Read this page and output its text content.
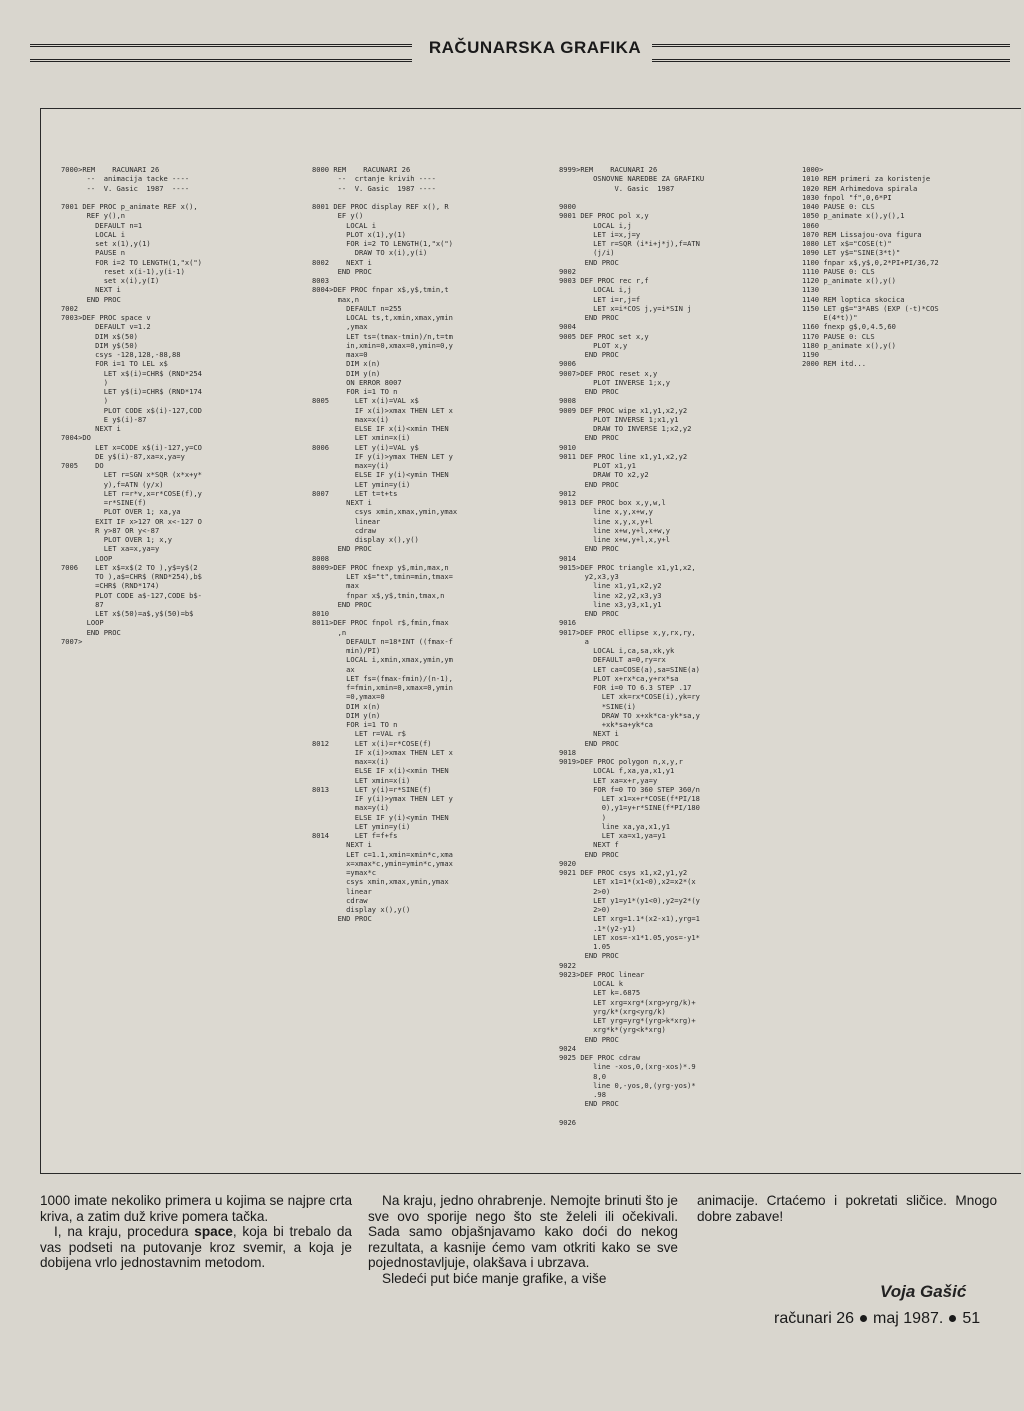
RAČUNARSKA GRAFIKA
7000>REM    RACUNARI 26
--  animacija tacke ----
--  V. Gasic  1987  ----
7001 DEF PROC p_animate REF x(),
REF y(),n
DEFAULT n=1
LOCAL i
set x(1),y(1)
PAUSE n
FOR i=2 TO LENGTH(1,"x(")
reset x(i-1),y(i-1)
set x(i),y(I)
NEXT i
END PROC
7002
7003>DEF PROC space v
DEFAULT v=1.2
DIM x$(50)
DIM y$(50)
csys -128,128,-88,88
FOR i=1 TO LEL x$
LET x$(i)=CHR$ (RND*254
)
LET y$(i)=CHR$ (RND*174
)
PLOT CODE x$(i)-127,COD
E y$(i)-87
NEXT i
7004>DO
LET x=CODE x$(i)-127,y=CO
DE y$(i)-87,xa=x,ya=y
7005    DO
LET r=SGN x*SQR (x*x+y*
y),f=ATN (y/x)
LET r=r*v,x=r*COSE(f),y
=r*SINE(f)
PLOT OVER 1; xa,ya
EXIT IF x>127 OR x<-127 O
R y>87 OR y<-87
PLOT OVER 1; x,y
LET xa=x,ya=y
LOOP
7006    LET x$=x$(2 TO ),y$=y$(2
TO ),a$=CHR$ (RND*254),b$
=CHR$ (RND*174)
PLOT CODE a$-127,CODE b$-
87
LET x$(50)=a$,y$(50)=b$
LOOP
END PROC
7007>
8000 REM    RACUNARI 26
--  crtanje krivih ----
--  V. Gasic  1987 ----
8001 DEF PROC display REF x(), R
EF y()
LOCAL i
PLOT x(1),y(1)
FOR i=2 TO LENGTH(1,"x(")
DRAW TO x(i),y(i)
8002    NEXT i
END PROC
8003
8004>DEF PROC fnpar x$,y$,tmin,t
max,n
DEFAULT n=255
LOCAL ts,t,xmin,xmax,ymin
,ymax
LET ts=(tmax-tmin)/n,t=tm
in,xmin=0,xmax=0,ymin=0,y
max=0
DIM x(n)
DIM y(n)
ON ERROR 8007
FOR i=1 TO n
8005      LET x(i)=VAL x$
IF x(i)>xmax THEN LET x
max=x(i)
ELSE IF x(i)<xmin THEN
LET xmin=x(i)
8006      LET y(i)=VAL y$
IF y(i)>ymax THEN LET y
max=y(i)
ELSE IF y(i)<ymin THEN
LET ymin=y(i)
8007      LET t=t+ts
NEXT i
csys xmin,xmax,ymin,ymax
linear
cdraw
display x(),y()
END PROC
8008
8009>DEF PROC fnexp y$,min,max,n
LET x$="t",tmin=min,tmax=
max
fnpar x$,y$,tmin,tmax,n
END PROC
8010
8011>DEF PROC fnpol r$,fmin,fmax
,n
DEFAULT n=18*INT ((fmax-f
min)/PI)
LOCAL i,xmin,xmax,ymin,ym
ax
LET fs=(fmax-fmin)/(n-1),
f=fmin,xmin=0,xmax=0,ymin
=0,ymax=0
DIM x(n)
DIM y(n)
FOR i=1 TO n
LET r=VAL r$
8012      LET x(i)=r*COSE(f)
IF x(i)>xmax THEN LET x
max=x(i)
ELSE IF x(i)<xmin THEN
LET xmin=x(i)
8013      LET y(i)=r*SINE(f)
IF y(i)>ymax THEN LET y
max=y(i)
ELSE IF y(i)<ymin THEN
LET ymin=y(i)
8014      LET f=f+fs
NEXT i
LET c=1.1,xmin=xmin*c,xma
x=xmax*c,ymin=ymin*c,ymax
=ymax*c
csys xmin,xmax,ymin,ymax
linear
cdraw
display x(),y()
END PROC
8999>REM    RACUNARI 26
OSNOVNE NAREDBE ZA GRAFIKU
V. Gasic  1987
9000
9001 DEF PROC pol x,y
LOCAL i,j
LET i=x,j=y
LET r=SQR (i*i+j*j),f=ATN
(j/i)
END PROC
9002
9003 DEF PROC rec r,f
LOCAL i,j
LET i=r,j=f
LET x=i*COS j,y=i*SIN j
END PROC
9004
9005 DEF PROC set x,y
PLOT x,y
END PROC
9006
9007>DEF PROC reset x,y
PLOT INVERSE 1;x,y
END PROC
9008
9009 DEF PROC wipe x1,y1,x2,y2
PLOT INVERSE 1;x1,y1
DRAW TO INVERSE 1;x2,y2
END PROC
9010
9011 DEF PROC line x1,y1,x2,y2
PLOT x1,y1
DRAW TO x2,y2
END PROC
9012
9013 DEF PROC box x,y,w,l
line x,y,x+w,y
line x,y,x,y+l
line x+w,y+l,x+w,y
line x+w,y+l,x,y+l
END PROC
9014
9015>DEF PROC triangle x1,y1,x2,
y2,x3,y3
line x1,y1,x2,y2
line x2,y2,x3,y3
line x3,y3,x1,y1
END PROC
9016
9017>DEF PROC ellipse x,y,rx,ry,
a
LOCAL i,ca,sa,xk,yk
DEFAULT a=0,ry=rx
LET ca=COSE(a),sa=SINE(a)
PLOT x+rx*ca,y+rx*sa
FOR i=0 TO 6.3 STEP .17
LET xk=rx*COSE(i),yk=ry
*SINE(i)
DRAW TO x+xk*ca-yk*sa,y
+xk*sa+yk*ca
NEXT i
END PROC
9018
9019>DEF PROC polygon n,x,y,r
LOCAL f,xa,ya,x1,y1
LET xa=x+r,ya=y
FOR f=0 TO 360 STEP 360/n
LET x1=x+r*COSE(f*PI/18
0),y1=y+r*SINE(f*PI/180
)
line xa,ya,x1,y1
LET xa=x1,ya=y1
NEXT f
END PROC
9020
9021 DEF PROC csys x1,x2,y1,y2
LET x1=1*(x1<0),x2=x2*(x
2>0)
LET y1=y1*(y1<0),y2=y2*(y
2>0)
LET xrg=1.1*(x2-x1),yrg=1
.1*(y2-y1)
LET xos=-x1*1.05,yos=-y1*
1.05
END PROC
9022
9023>DEF PROC linear
LOCAL k
LET k=.6875
LET xrg=xrg*(xrg>yrg/k)+
yrg/k*(xrg<yrg/k)
LET yrg=yrg*(yrg>k*xrg)+
xrg*k*(yrg<k*xrg)
END PROC
9024
9025 DEF PROC cdraw
line -xos,0,(xrg-xos)*.9
8,0
line 0,-yos,0,(yrg-yos)*
.98
END PROC
9026
1000>
1010 REM primeri za koristenje
1020 REM Arhimedova spirala
1030 fnpol "f",0,6*PI
1040 PAUSE 0: CLS
1050 p_animate x(),y(),1
1060
1070 REM Lissajou-ova figura
1080 LET x$="COSE(t)"
1090 LET y$="SINE(3*t)"
1100 fnpar x$,y$,0,2*PI+PI/36,72
1110 PAUSE 0: CLS
1120 p_animate x(),y()
1130
1140 REM loptica skocica
1150 LET g$="3*ABS (EXP (-t)*COS
E(4*t))"
1160 fnexp g$,0,4.5,60
1170 PAUSE 0: CLS
1180 p_animate x(),y()
1190
2000 REM itd...

1000 imate nekoliko primera u kojima se najpre crta kriva, a zatim duž krive pomera tačka.

I, na kraju, procedura space, koja bi trebalo da vas podseti na putovanje kroz svemir, a koja je dobijena vrlo jednostavnim metodom.

Na kraju, jedno ohrabrenje. Nemojte brinuti što je sve ovo sporije nego što ste želeli ili očekivali. Sada samo objašnjavamo kako doći do nekog rezultata, a kasnije ćemo vam otkriti kako se sve pojednostavljuje, olakšava i ubrzava.

Sledeći put biće manje grafike, a više

animacije. Crtaćemo i pokretati sličice. Mnogo dobre zabave!

Voja Gašić
računari 26 maj 1987. 51
